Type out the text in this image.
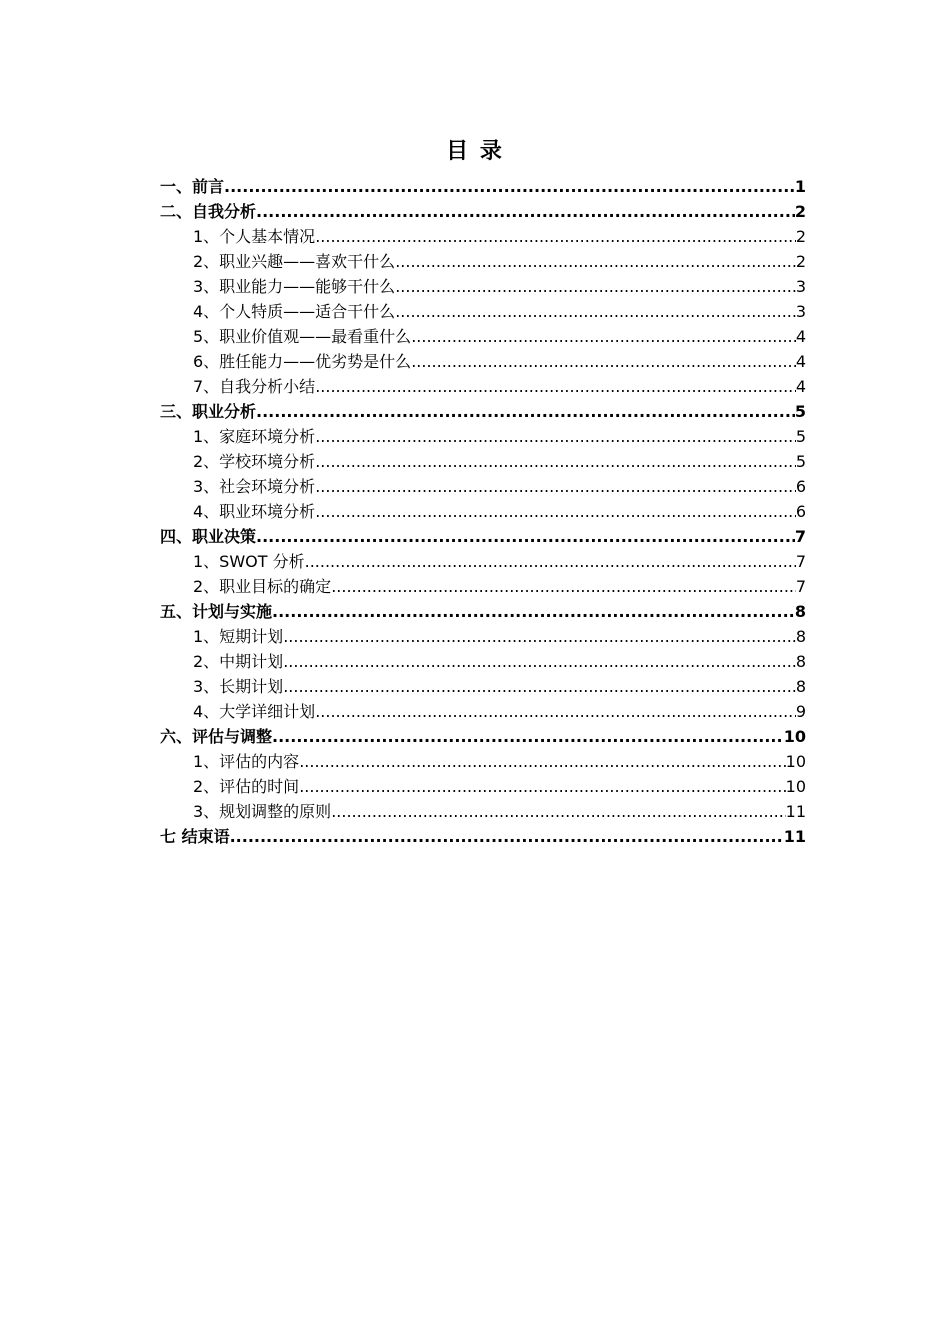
目 录
一、前言 .....	1
二、自我分析 .....	2
1、个人基本情况 .....	2
2、职业兴趣——喜欢干什么 .....	2
3、职业能力——能够干什么 .....	3
4、个人特质——适合干什么 .....	3
5、职业价值观——最看重什么 .....	4
6、胜任能力——优劣势是什么 .....	4
7、自我分析小结 .....	4
三、职业分析 .....	5
1、家庭环境分析 .....	5
2、学校环境分析 .....	5
3、社会环境分析 .....	6
4、职业环境分析 .....	6
四、职业决策 .....	7
1、SWOT 分析 .....	7
2、职业目标的确定 .....	7
五、计划与实施 .....	8
1、短期计划 .....	8
2、中期计划 .....	8
3、长期计划 .....	8
4、大学详细计划 .....	9
六、评估与调整 .....	10
1、评估的内容 .....	10
2、评估的时间 .....	10
3、规划调整的原则 .....	11
七 结束语 .....	11
